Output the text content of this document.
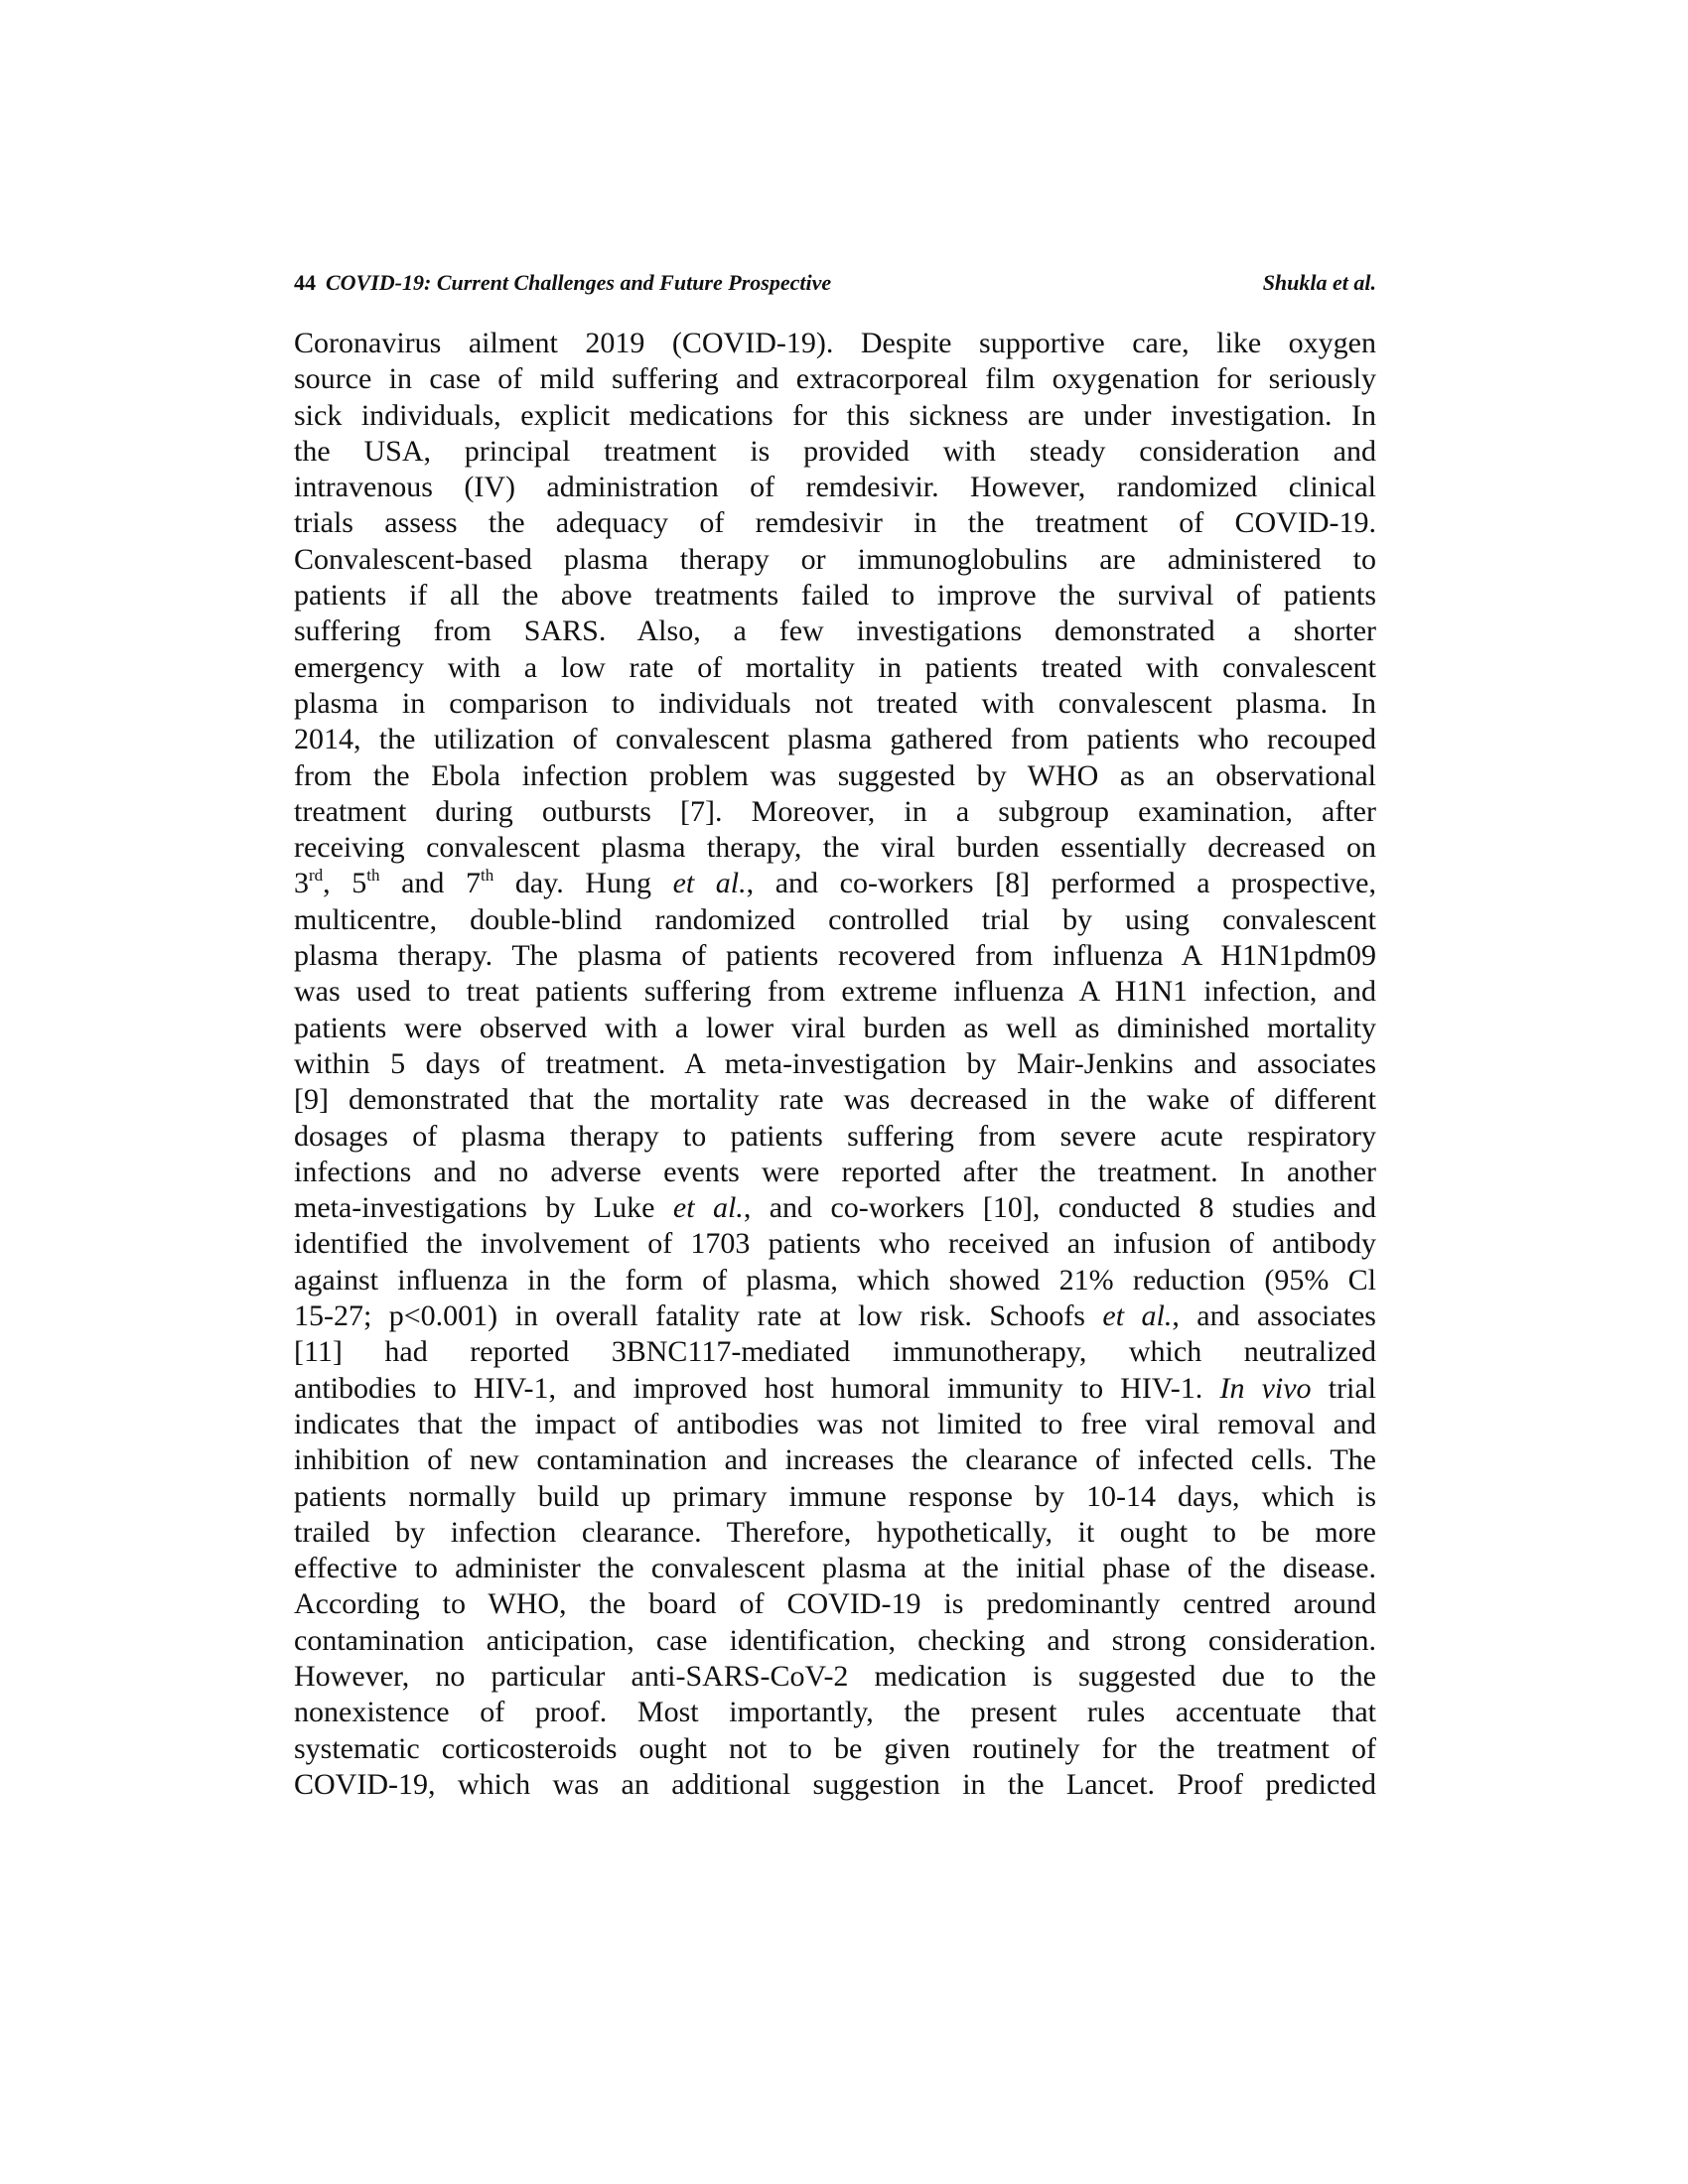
44 COVID-19: Current Challenges and Future Prospective	Shukla et al.
Coronavirus ailment 2019 (COVID-19). Despite supportive care, like oxygen
source in case of mild suffering and extracorporeal film oxygenation for seriously
sick individuals, explicit medications for this sickness are under investigation. In
the USA, principal treatment is provided with steady consideration and
intravenous (IV) administration of remdesivir. However, randomized clinical
trials assess the adequacy of remdesivir in the treatment of COVID-19.
Convalescent-based plasma therapy or immunoglobulins are administered to
patients if all the above treatments failed to improve the survival of patients
suffering from SARS. Also, a few investigations demonstrated a shorter
emergency with a low rate of mortality in patients treated with convalescent
plasma in comparison to individuals not treated with convalescent plasma. In
2014, the utilization of convalescent plasma gathered from patients who recouped
from the Ebola infection problem was suggested by WHO as an observational
treatment during outbursts [7]. Moreover, in a subgroup examination, after
receiving convalescent plasma therapy, the viral burden essentially decreased on
3rd, 5th and 7th day. Hung et al., and co-workers [8] performed a prospective,
multicentre, double-blind randomized controlled trial by using convalescent
plasma therapy. The plasma of patients recovered from influenza A H1N1pdm09
was used to treat patients suffering from extreme influenza A H1N1 infection, and
patients were observed with a lower viral burden as well as diminished mortality
within 5 days of treatment. A meta-investigation by Mair-Jenkins and associates
[9] demonstrated that the mortality rate was decreased in the wake of different
dosages of plasma therapy to patients suffering from severe acute respiratory
infections and no adverse events were reported after the treatment. In another
meta-investigations by Luke et al., and co-workers [10], conducted 8 studies and
identified the involvement of 1703 patients who received an infusion of antibody
against influenza in the form of plasma, which showed 21% reduction (95% Cl
15-27; p<0.001) in overall fatality rate at low risk. Schoofs et al., and associates
[11] had reported 3BNC117-mediated immunotherapy, which neutralized
antibodies to HIV-1, and improved host humoral immunity to HIV-1. In vivo trial
indicates that the impact of antibodies was not limited to free viral removal and
inhibition of new contamination and increases the clearance of infected cells. The
patients normally build up primary immune response by 10-14 days, which is
trailed by infection clearance. Therefore, hypothetically, it ought to be more
effective to administer the convalescent plasma at the initial phase of the disease.
According to WHO, the board of COVID-19 is predominantly centred around
contamination anticipation, case identification, checking and strong consideration.
However, no particular anti-SARS-CoV-2 medication is suggested due to the
nonexistence of proof. Most importantly, the present rules accentuate that
systematic corticosteroids ought not to be given routinely for the treatment of
COVID-19, which was an additional suggestion in the Lancet. Proof predicted
